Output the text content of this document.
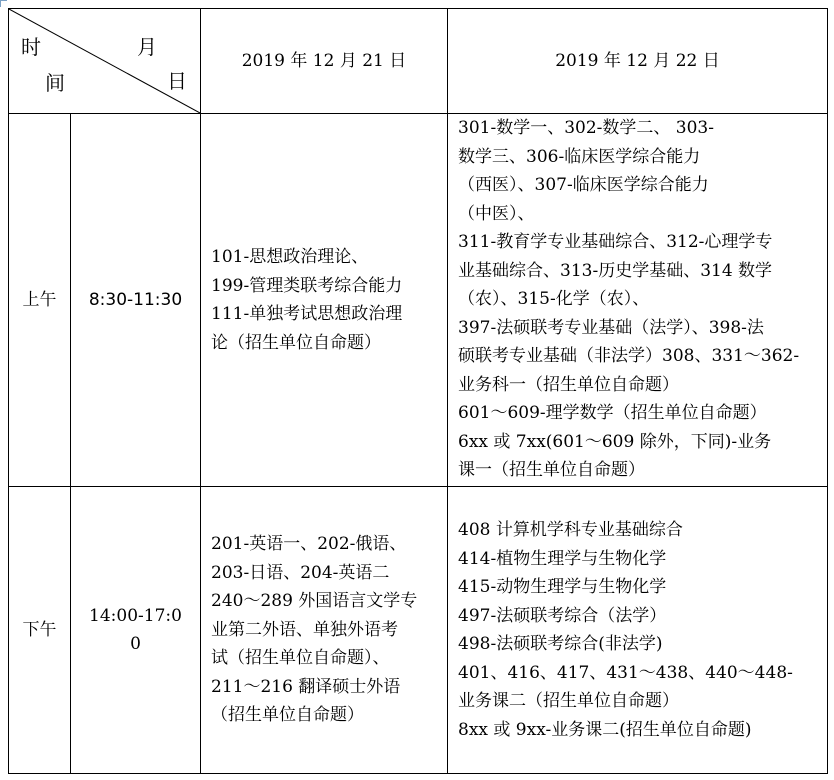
时
间
月
日
2019 年 12 月 21 日	2019 年 12 月 22 日
上午 8:30-11:30
101-思想政治理论、
199-管理类联考综合能力
111-单独考试思想政治理
论（招生单位自命题）
301-数学一、302-数学二、 303-
数学三、306-临床医学综合能力
（西医）、307-临床医学综合能力
（中医）、
311-教育学专业基础综合、312-心理学专
业基础综合、313-历史学基础、314 数学
（农）、315-化学（农）、
397-法硕联考专业基础（法学）、398-法
硕联考专业基础（非法学）308、331～362-
业务科一（招生单位自命题）
601～609-理学数学（招生单位自命题）
6xx 或 7xx(601～609 除外，下同)-业务
课一（招生单位自命题）
下午
14:00-17:0
0
201-英语一、202-俄语、
203-日语、204-英语二
240～289 外国语言文学专
业第二外语、单独外语考
试（招生单位自命题）、
211～216 翻译硕士外语
（招生单位自命题）
408 计算机学科专业基础综合
414-植物生理学与生物化学
415-动物生理学与生物化学
497-法硕联考综合（法学）
498-法硕联考综合(非法学)
401、416、417、431～438、440～448-
业务课二（招生单位自命题）
8xx 或 9xx-业务课二(招生单位自命题)
